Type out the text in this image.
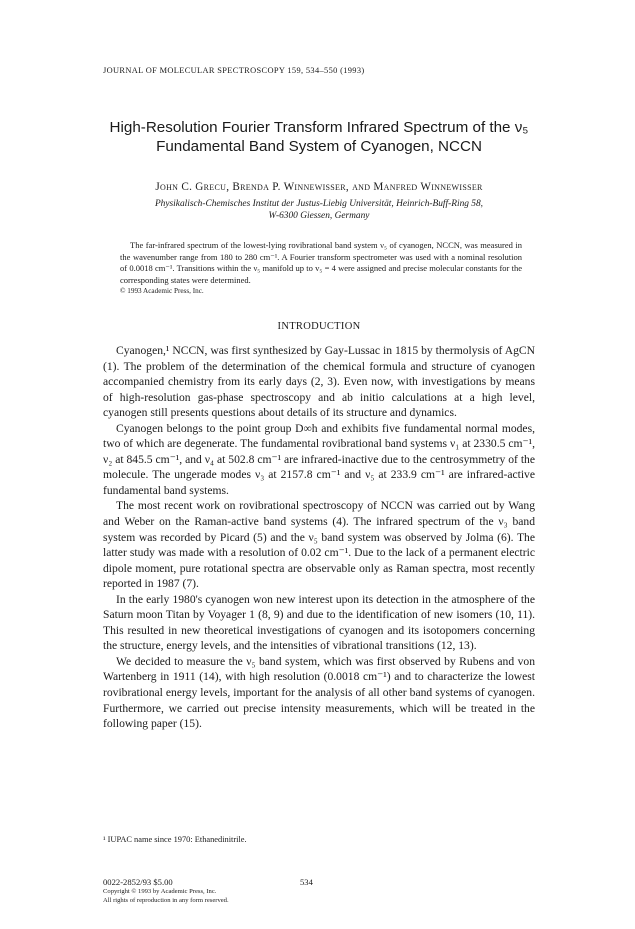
JOURNAL OF MOLECULAR SPECTROSCOPY 159, 534–550 (1993)
High-Resolution Fourier Transform Infrared Spectrum of the ν₅
Fundamental Band System of Cyanogen, NCCN
John C. Grecu, Brenda P. Winnewisser, and Manfred Winnewisser
Physikalisch-Chemisches Institut der Justus-Liebig Universität, Heinrich-Buff-Ring 58,
W-6300 Giessen, Germany

The far-infrared spectrum of the lowest-lying rovibrational band system ν₅ of cyanogen, NCCN, was measured in the wavenumber range from 180 to 280 cm⁻¹. A Fourier transform spectrometer was used with a nominal resolution of 0.0018 cm⁻¹. Transitions within the ν₅ manifold up to v₅ = 4 were assigned and precise molecular constants for the corresponding states were determined.

© 1993 Academic Press, Inc.

INTRODUCTION

Cyanogen,¹ NCCN, was first synthesized by Gay-Lussac in 1815 by thermolysis of AgCN (1). The problem of the determination of the chemical formula and structure of cyanogen accompanied chemistry from its early days (2, 3). Even now, with investigations by means of high-resolution gas-phase spectroscopy and ab initio calculations at a high level, cyanogen still presents questions about details of its structure and dynamics.

Cyanogen belongs to the point group D∞h and exhibits five fundamental normal modes, two of which are degenerate. The fundamental rovibrational band systems ν₁ at 2330.5 cm⁻¹, ν₂ at 845.5 cm⁻¹, and ν₄ at 502.8 cm⁻¹ are infrared-inactive due to the centrosymmetry of the molecule. The ungerade modes ν₃ at 2157.8 cm⁻¹ and ν₅ at 233.9 cm⁻¹ are infrared-active fundamental band systems.

The most recent work on rovibrational spectroscopy of NCCN was carried out by Wang and Weber on the Raman-active band systems (4). The infrared spectrum of the ν₃ band system was recorded by Picard (5) and the ν₅ band system was observed by Jolma (6). The latter study was made with a resolution of 0.02 cm⁻¹. Due to the lack of a permanent electric dipole moment, pure rotational spectra are observable only as Raman spectra, most recently reported in 1987 (7).

In the early 1980's cyanogen won new interest upon its detection in the atmosphere of the Saturn moon Titan by Voyager 1 (8, 9) and due to the identification of new isomers (10, 11). This resulted in new theoretical investigations of cyanogen and its isotopomers concerning the structure, energy levels, and the intensities of vibrational transitions (12, 13).

We decided to measure the ν₅ band system, which was first observed by Rubens and von Wartenberg in 1911 (14), with high resolution (0.0018 cm⁻¹) and to characterize the lowest rovibrational energy levels, important for the analysis of all other band systems of cyanogen. Furthermore, we carried out precise intensity measurements, which will be treated in the following paper (15).

¹ IUPAC name since 1970: Ethanedinitrile.
0022-2852/93 $5.00
Copyright © 1993 by Academic Press, Inc.
All rights of reproduction in any form reserved.
534
